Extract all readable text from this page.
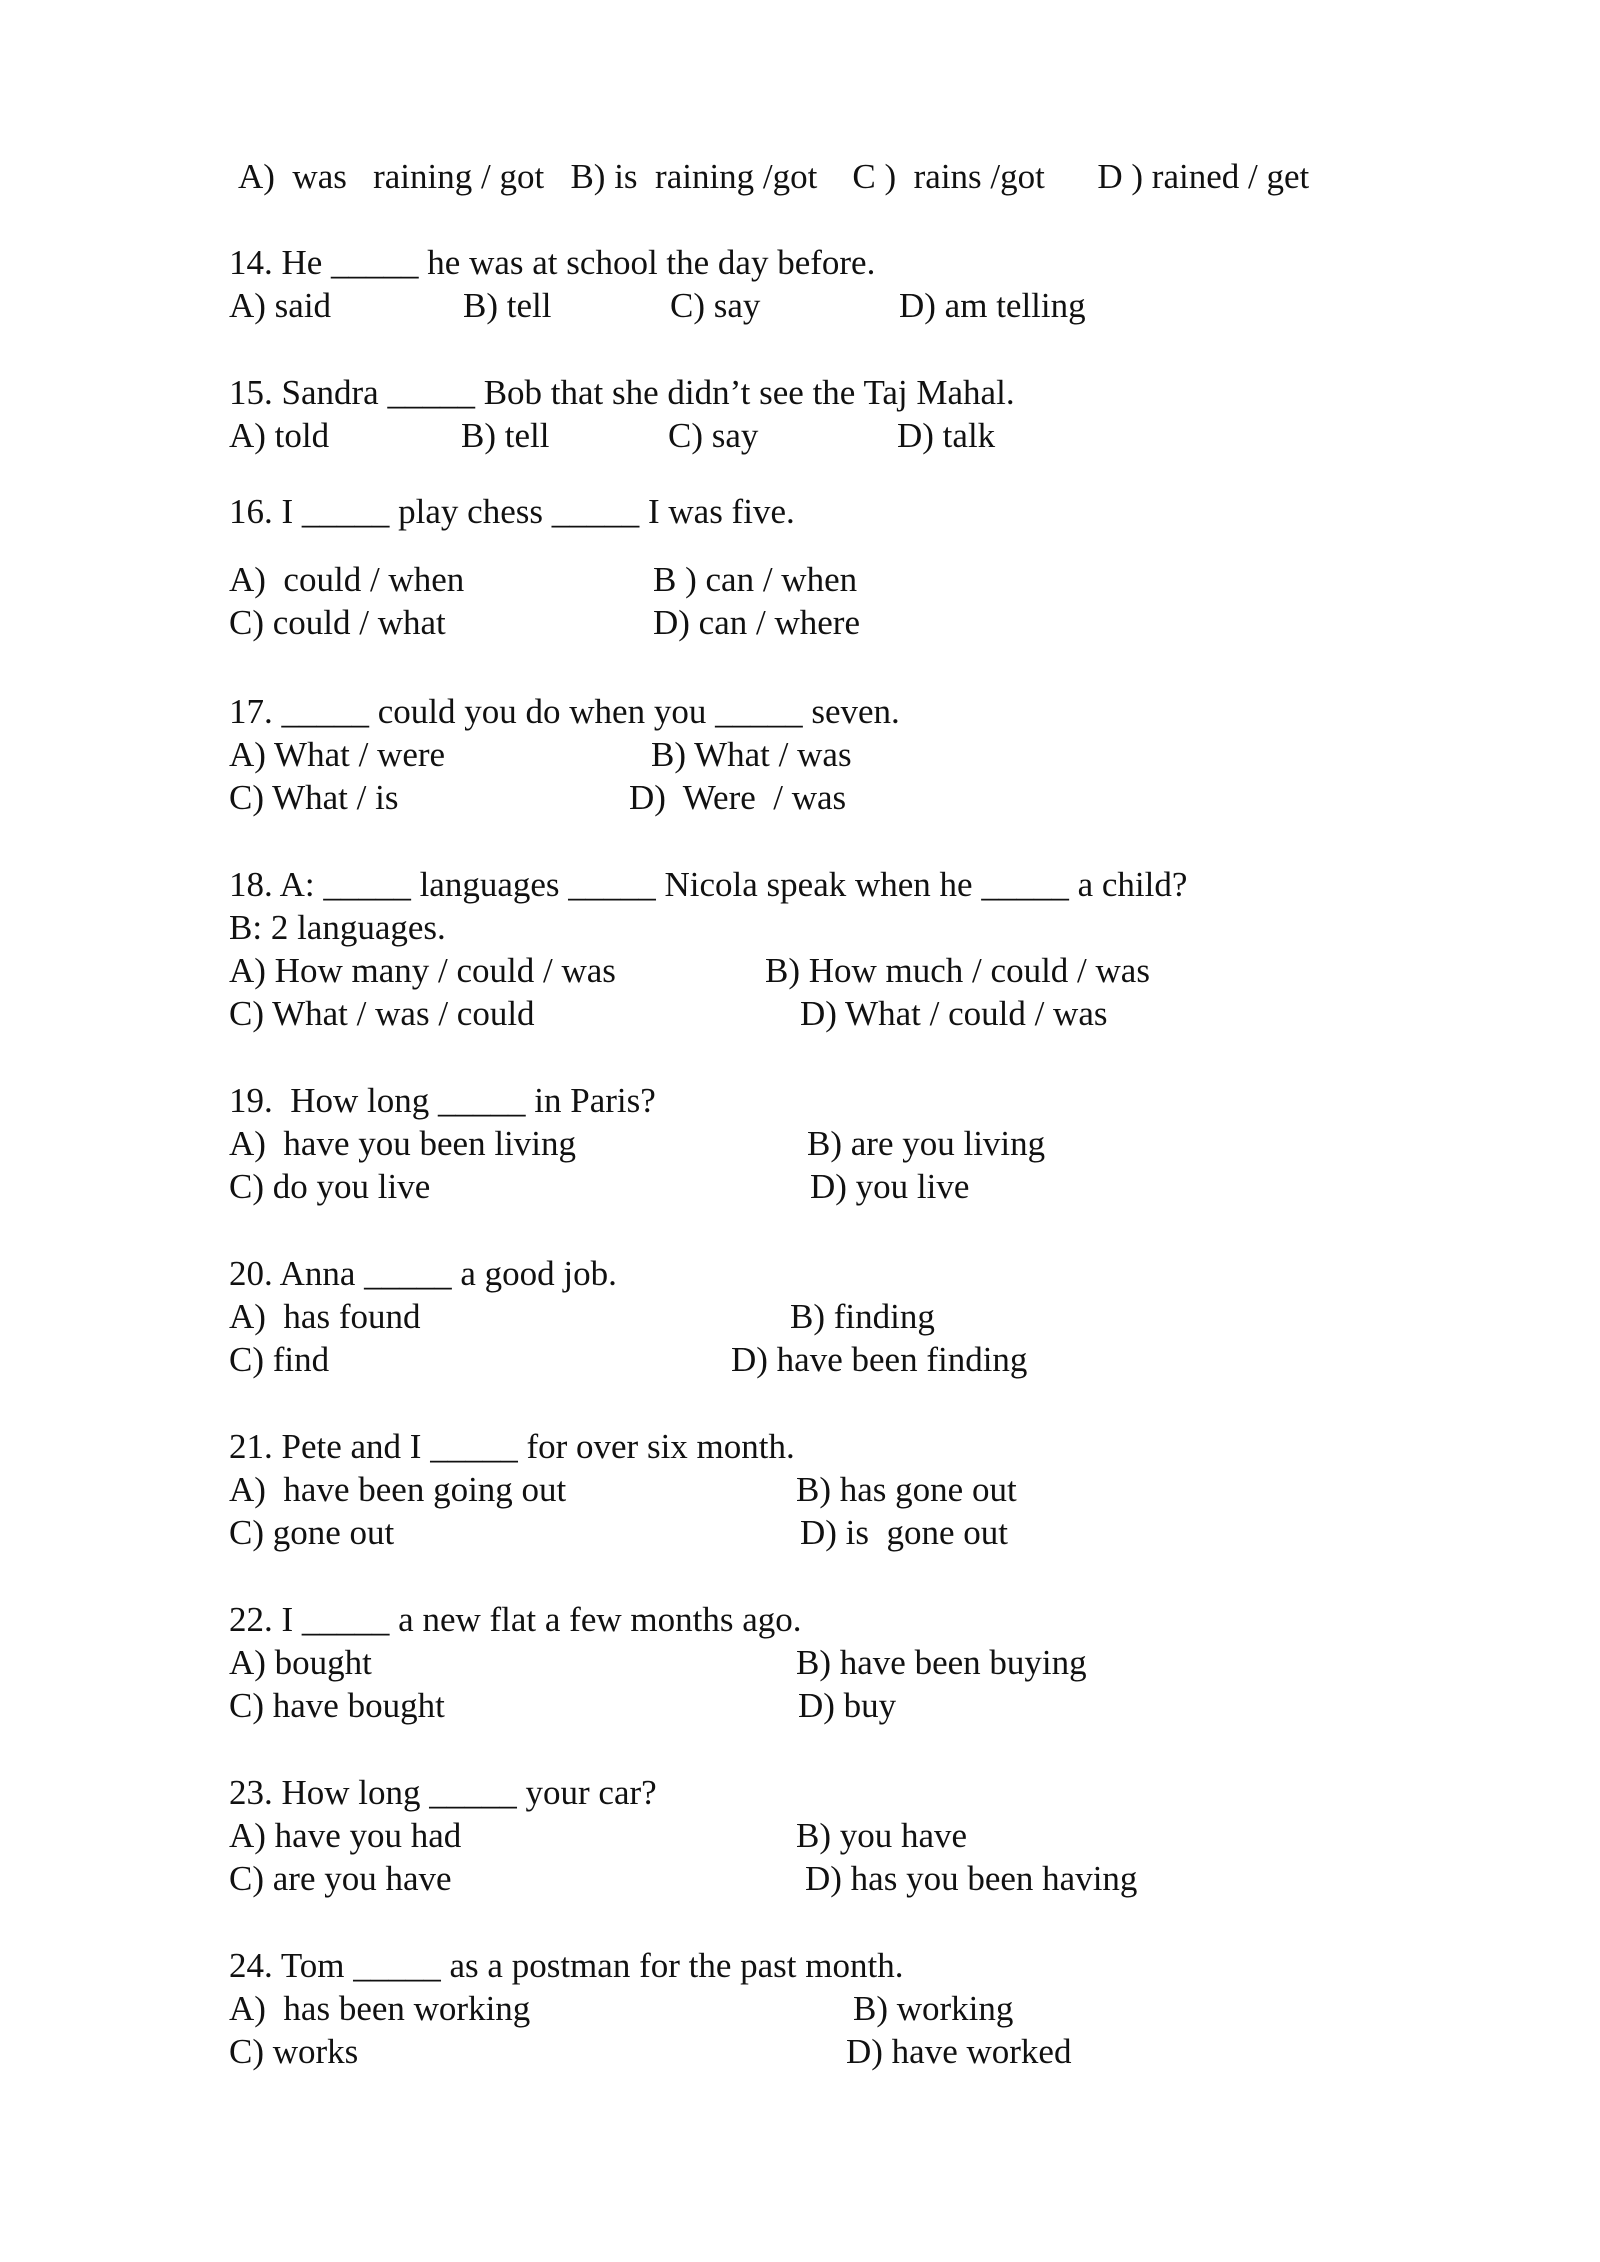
A)  was   raining / got   B) is  raining /got    C )  rains /got      D ) rained / get
14. He _____ he was at school the day before.
A) said	B) tell	C) say	D) am telling
15. Sandra _____ Bob that she didn’t see the Taj Mahal.
A) told	B) tell	C) say	D) talk
16. I _____ play chess _____ I was five.
A)  could / when	B ) can / when
C) could / what	D) can / where
17. _____ could you do when you _____ seven.
A) What / were	B) What / was
C) What / is	D)  Were  / was
18. A: _____ languages _____ Nicola speak when he _____ a child?
B: 2 languages.
A) How many / could / was	B) How much / could / was
C) What / was / could	D) What / could / was
19.  How long _____ in Paris?
A)  have you been living	B) are you living
C) do you live	D) you live
20. Anna _____ a good job.
A)  has found	B) finding
C) find	D) have been finding
21. Pete and I _____ for over six month.
A)  have been going out	B) has gone out
C) gone out	D) is  gone out
22. I _____ a new flat a few months ago.
A) bought	B) have been buying
C) have bought	D) buy
23. How long _____ your car?
A) have you had	B) you have
C) are you have	D) has you been having
24. Tom _____ as a postman for the past month.
A)  has been working	B) working
C) works	D) have worked
